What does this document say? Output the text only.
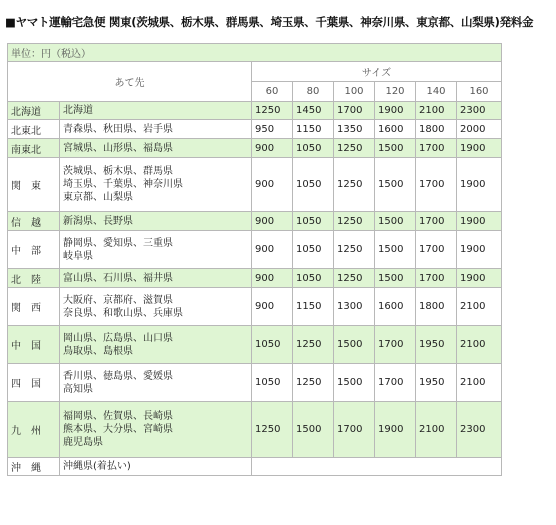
■ヤマト運輸宅急便 関東(茨城県、栃木県、群馬県、埼玉県、千葉県、神奈川県、東京都、山梨県)発料金
単位：円（税込）							
あて先		サイズ					
		60	80	100	120	140	160
北海道	北海道	1250	1450	1700	1900	2100	2300
北東北	青森県、秋田県、岩手県	950	1150	1350	1600	1800	2000
南東北	宮城県、山形県、福島県	900	1050	1250	1500	1700	1900
関　東	茨城県、栃木県、群馬県
埼玉県、千葉県、神奈川県
東京都、山梨県	900	1050	1250	1500	1700	1900
信　越	新潟県、長野県	900	1050	1250	1500	1700	1900
中　部	静岡県、愛知県、三重県
岐阜県	900	1050	1250	1500	1700	1900
北　陸	富山県、石川県、福井県	900	1050	1250	1500	1700	1900
関　西	大阪府、京都府、滋賀県
奈良県、和歌山県、兵庫県	900	1150	1300	1600	1800	2100
中　国	岡山県、広島県、山口県
鳥取県、島根県	1050	1250	1500	1700	1950	2100
四　国	香川県、徳島県、愛媛県
高知県	1050	1250	1500	1700	1950	2100
九　州	福岡県、佐賀県、長崎県
熊本県、大分県、宮崎県
鹿児島県	1250	1500	1700	1900	2100	2300
沖　縄	沖縄県(着払い)						
